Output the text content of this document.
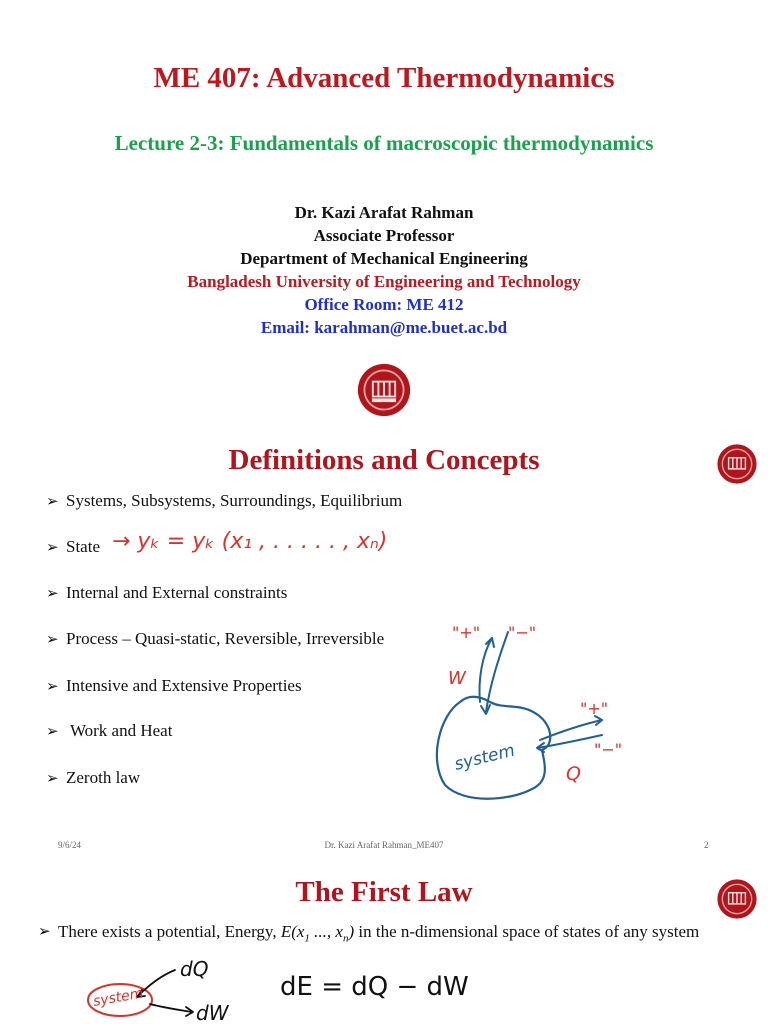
ME 407: Advanced Thermodynamics
Lecture 2-3: Fundamentals of macroscopic thermodynamics
Dr. Kazi Arafat Rahman
Associate Professor
Department of Mechanical Engineering
Bangladesh University of Engineering and Technology
Office Room: ME 412
Email: karahman@me.buet.ac.bd
Definitions and Concepts
➢ Systems, Subsystems, Surroundings, Equilibrium
➢ State
➢ Internal and External constraints
➢ Process – Quasi-static, Reversible, Irreversible
➢ Intensive and Extensive Properties
➢ Work and Heat
➢ Zeroth law
→ yₖ = yₖ (x₁ , . . . . . , xₙ)
system
"+" "−"
W
"+"
"−"
Q
9/6/24	Dr. Kazi Arafat Rahman_ME407	2
The First Law
➢ There exists a potential, Energy, $E(x_1$ ..., $x_n$) in the n-dimensional space of states of any system
system
dQ
dW
dE = dQ − dW
